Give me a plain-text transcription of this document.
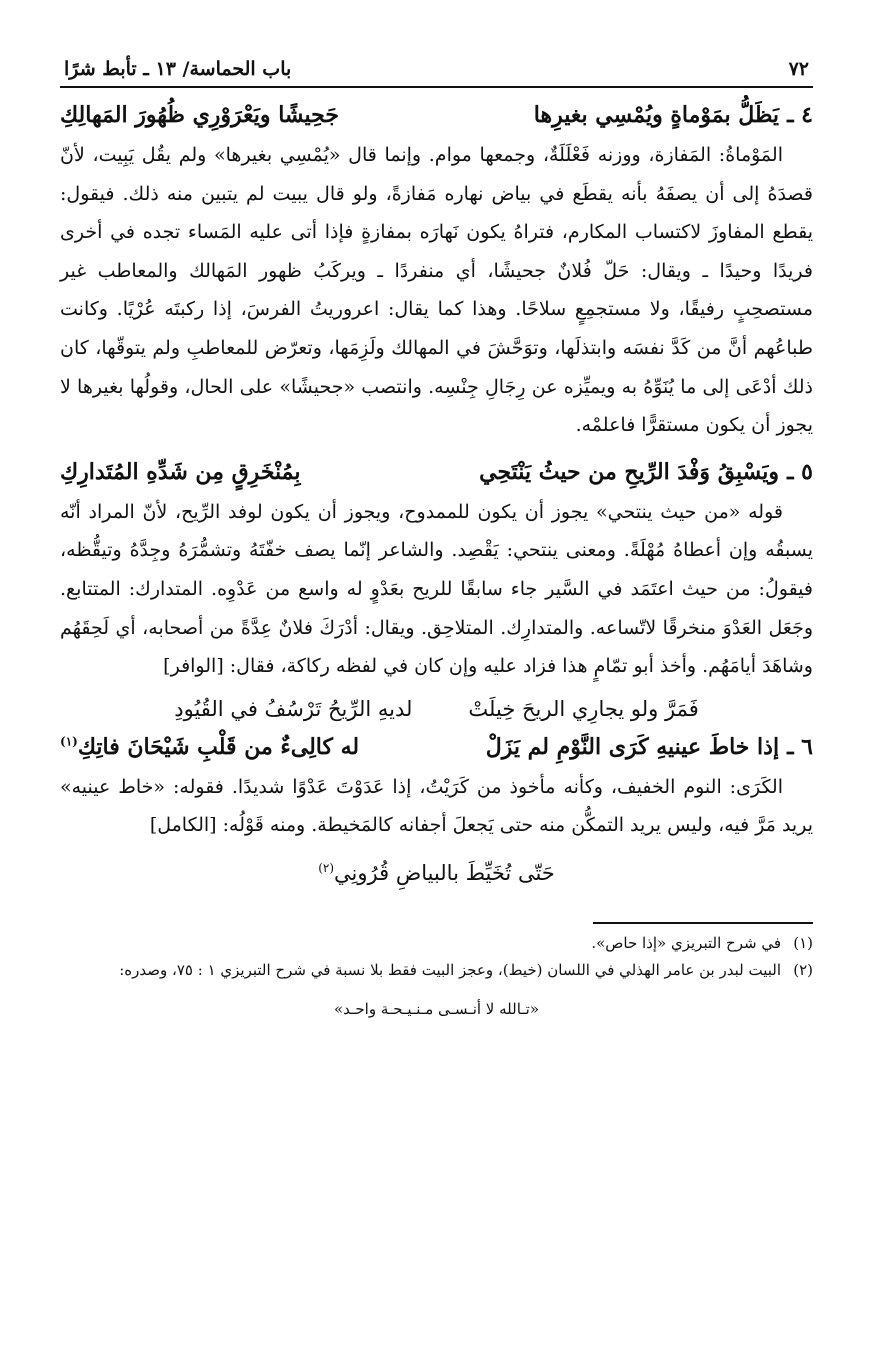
٧٢
باب الحماسة/ ١٣ ـ تأبط شرًا
٤ ـ
يَظَلُّ بمَوْماةٍ ويُمْسِي بغيرِها
جَحِيشًا ويَعْرَوْرِي ظُهُورَ المَهالِكِ

المَوْماةُ: المَفازة، ووزنه فَعْلَلَةٌ، وجمعها موام. وإنما قال «يُمْسِي بغيرها» ولم يقُل يَبِيت، لأنّ قصدَهُ إلى أن يصفَهُ بأنه يقطَع في بياض نهاره مَفازةً، ولو قال يبيت لم يتبين منه ذلك. فيقول: يقطع المفاوزَ لاكتساب المكارم، فتراهُ يكون نَهارَه بمفازةٍ فإذا أتى عليه المَساء تجده في أخرى فريدًا وحيدًا ـ ويقال: حَلّ فُلانٌ جحيشًا، أي منفردًا ـ ويركَبُ ظهور المَهالك والمعاطب غير مستصحِبٍ رفيقًا، ولا مستجمِعٍ سلاحًا. وهذا كما يقال: اعروريتُ الفرسَ، إذا ركبتَه عُرْيًا. وكانت طباعُهم أنَّ من كَدَّ نفسَه وابتذلَها، وتوَحَّشَ في المهالك ولَزِمَها، وتعرّض للمعاطبِ ولم يتوقّها، كان ذلك أدْعَى إلى ما يُنَوِّهُ به ويميِّزه عن رِجَالِ جِنْسِه. وانتصب «جحيشًا» على الحال، وقولُها بغيرها لا يجوز أن يكون مستقرًّا فاعلمْه.

٥ ـ
ويَسْبِقُ وَفْدَ الرِّيحِ من حيثُ يَنْتَحِي
بِمُنْخَرِقٍ مِن شَدِّهِ المُتَدارِكِ

قوله «من حيث ينتحي» يجوز أن يكون للممدوح، ويجوز أن يكون لوفد الرِّيح، لأنّ المراد أنّه يسبقُه وإن أعطاهُ مُهْلَةً. ومعنى ينتحي: يَقْصِد. والشاعر إنّما يصف خفّتَهُ وتشمُّرَهُ وجِدَّهُ وتيقُّظه، فيقولُ: من حيث اعتَمَد في السَّير جاء سابقًا للريح بعَدْوٍ له واسع من عَدْوِه. المتدارك: المتتابع. وجَعَل العَدْوَ منخرقًا لاتّساعه. والمتدارِك. المتلاحِق. ويقال: أدْرَكَ فلانٌ عِدَّةً من أصحابه، أي لَحِقَهُم وشاهَدَ أيامَهُم. وأخذ أبو تمّامٍ هذا فزاد عليه وإن كان في لفظه ركاكة، فقال: [الوافر]

فَمَرَّ ولو يجارِي الريحَ خِيلَتْ
لديهِ الرِّيحُ تَرْسُفُ في القُيُودِ
٦ ـ
إذا خاطَ عينيهِ كَرَى النَّوْمِ لم يَزَلْ
له كالِىءٌ من قَلْبِ شَيْحَانَ فاتِكِ$^{(١)}$

الكَرَى: النوم الخفيف، وكأنه مأخوذ من كَرَيْتُ، إذا عَدَوْتَ عَدْوًا شديدًا. فقوله: «خاط عينيه» يريد مَرَّ فيه، وليس يريد التمكُّن منه حتى يَجعلَ أجفانه كالمَخيطة. ومنه قَوْلُه: [الكامل]

حَتّى تُخَيِّطَ بالبياضِ قُرُونِي$^{(٢)}$
(١)
في شرح التبريزي «إذا حاص».
(٢)
البيت لبدر بن عامر الهذلي في اللسان (خيط)، وعجز البيت فقط بلا نسبة في شرح التبريزي ١ : ٧٥، وصدره:
«تـالله لا أنـسـى مـنـيـحـة واحـد»
